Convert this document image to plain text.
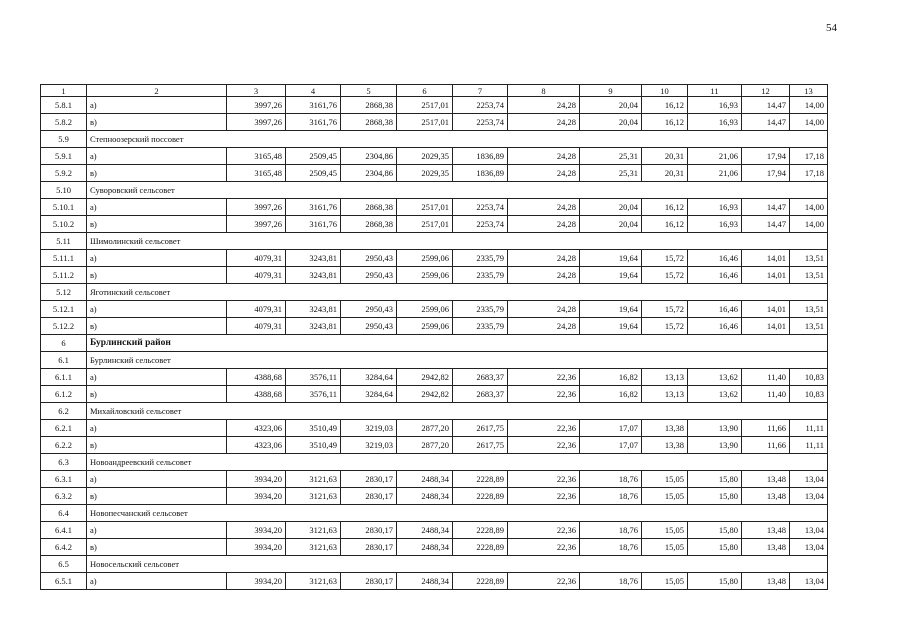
54
1	2	3	4	5	6	7	8	9	10	11	12	13
5.8.1	а)	3997,26	3161,76	2868,38	2517,01	2253,74	24,28	20,04	16,12	16,93	14,47	14,00
5.8.2	в)	3997,26	3161,76	2868,38	2517,01	2253,74	24,28	20,04	16,12	16,93	14,47	14,00
5.9	Степноозерский поссовет											
5.9.1	а)	3165,48	2509,45	2304,86	2029,35	1836,89	24,28	25,31	20,31	21,06	17,94	17,18
5.9.2	в)	3165,48	2509,45	2304,86	2029,35	1836,89	24,28	25,31	20,31	21,06	17,94	17,18
5.10	Суворовский сельсовет											
5.10.1	а)	3997,26	3161,76	2868,38	2517,01	2253,74	24,28	20,04	16,12	16,93	14,47	14,00
5.10.2	в)	3997,26	3161,76	2868,38	2517,01	2253,74	24,28	20,04	16,12	16,93	14,47	14,00
5.11	Шимолинский сельсовет											
5.11.1	а)	4079,31	3243,81	2950,43	2599,06	2335,79	24,28	19,64	15,72	16,46	14,01	13,51
5.11.2	в)	4079,31	3243,81	2950,43	2599,06	2335,79	24,28	19,64	15,72	16,46	14,01	13,51
5.12	Яготинский сельсовет											
5.12.1	а)	4079,31	3243,81	2950,43	2599,06	2335,79	24,28	19,64	15,72	16,46	14,01	13,51
5.12.2	в)	4079,31	3243,81	2950,43	2599,06	2335,79	24,28	19,64	15,72	16,46	14,01	13,51
6	Бурлинский район											
6.1	Бурлинский сельсовет											
6.1.1	а)	4388,68	3576,11	3284,64	2942,82	2683,37	22,36	16,82	13,13	13,62	11,40	10,83
6.1.2	в)	4388,68	3576,11	3284,64	2942,82	2683,37	22,36	16,82	13,13	13,62	11,40	10,83
6.2	Михайловский сельсовет											
6.2.1	а)	4323,06	3510,49	3219,03	2877,20	2617,75	22,36	17,07	13,38	13,90	11,66	11,11
6.2.2	в)	4323,06	3510,49	3219,03	2877,20	2617,75	22,36	17,07	13,38	13,90	11,66	11,11
6.3	Новоандреевский сельсовет											
6.3.1	а)	3934,20	3121,63	2830,17	2488,34	2228,89	22,36	18,76	15,05	15,80	13,48	13,04
6.3.2	в)	3934,20	3121,63	2830,17	2488,34	2228,89	22,36	18,76	15,05	15,80	13,48	13,04
6.4	Новопесчанский сельсовет											
6.4.1	а)	3934,20	3121,63	2830,17	2488,34	2228,89	22,36	18,76	15,05	15,80	13,48	13,04
6.4.2	в)	3934,20	3121,63	2830,17	2488,34	2228,89	22,36	18,76	15,05	15,80	13,48	13,04
6.5	Новосельский сельсовет											
6.5.1	а)	3934,20	3121,63	2830,17	2488,34	2228,89	22,36	18,76	15,05	15,80	13,48	13,04
